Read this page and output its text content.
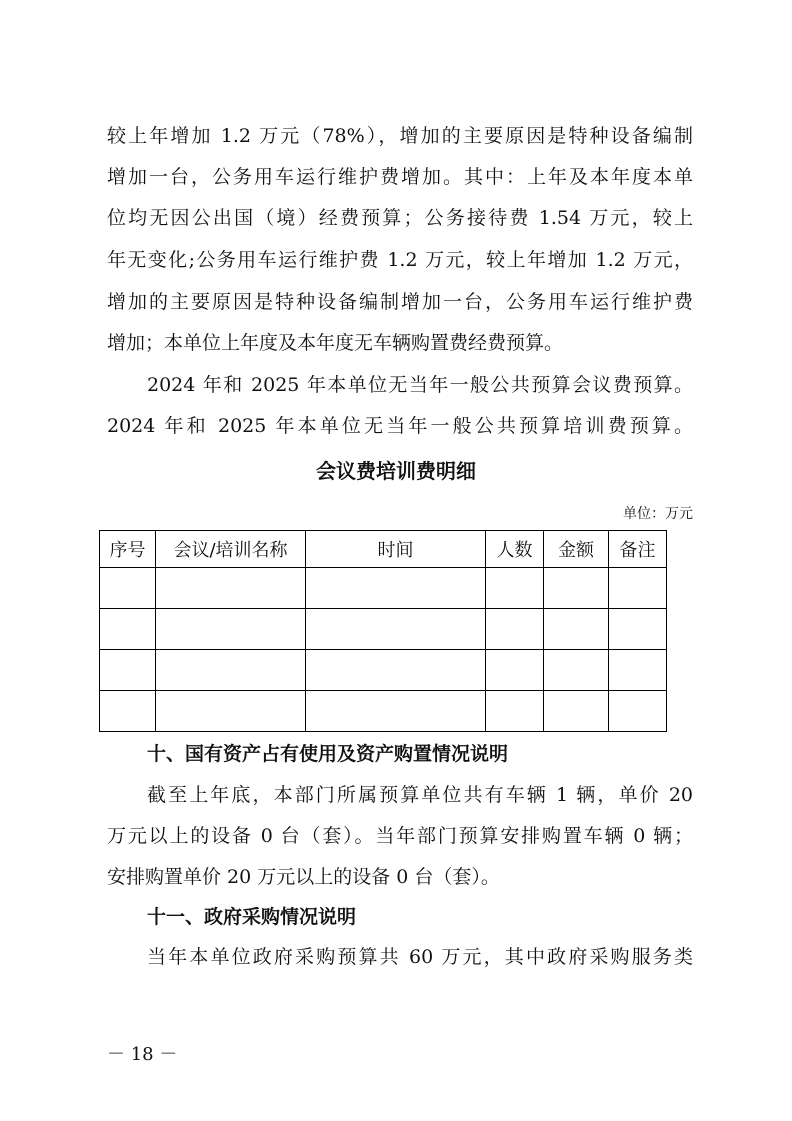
较上年增加 1.2 万元（78%），增加的主要原因是特种设备编制
增加一台，公务用车运行维护费增加。其中：上年及本年度本单
位均无因公出国（境）经费预算；公务接待费 1.54 万元，较上
年无变化;公务用车运行维护费 1.2 万元，较上年增加 1.2 万元，
增加的主要原因是特种设备编制增加一台，公务用车运行维护费
增加；本单位上年度及本年度无车辆购置费经费预算。
2024 年和 2025 年本单位无当年一般公共预算会议费预算。
2024 年和 2025 年本单位无当年一般公共预算培训费预算。
会议费培训费明细
单位：万元
序号	会议/培训名称	时间	人数	金额	备注

十、国有资产占有使用及资产购置情况说明
截至上年底，本部门所属预算单位共有车辆 1 辆，单价 20
万元以上的设备 0 台（套）。当年部门预算安排购置车辆 0 辆；
安排购置单价 20 万元以上的设备 0 台（套）。
十一、政府采购情况说明
当年本单位政府采购预算共 60 万元，其中政府采购服务类
－ 18 －
